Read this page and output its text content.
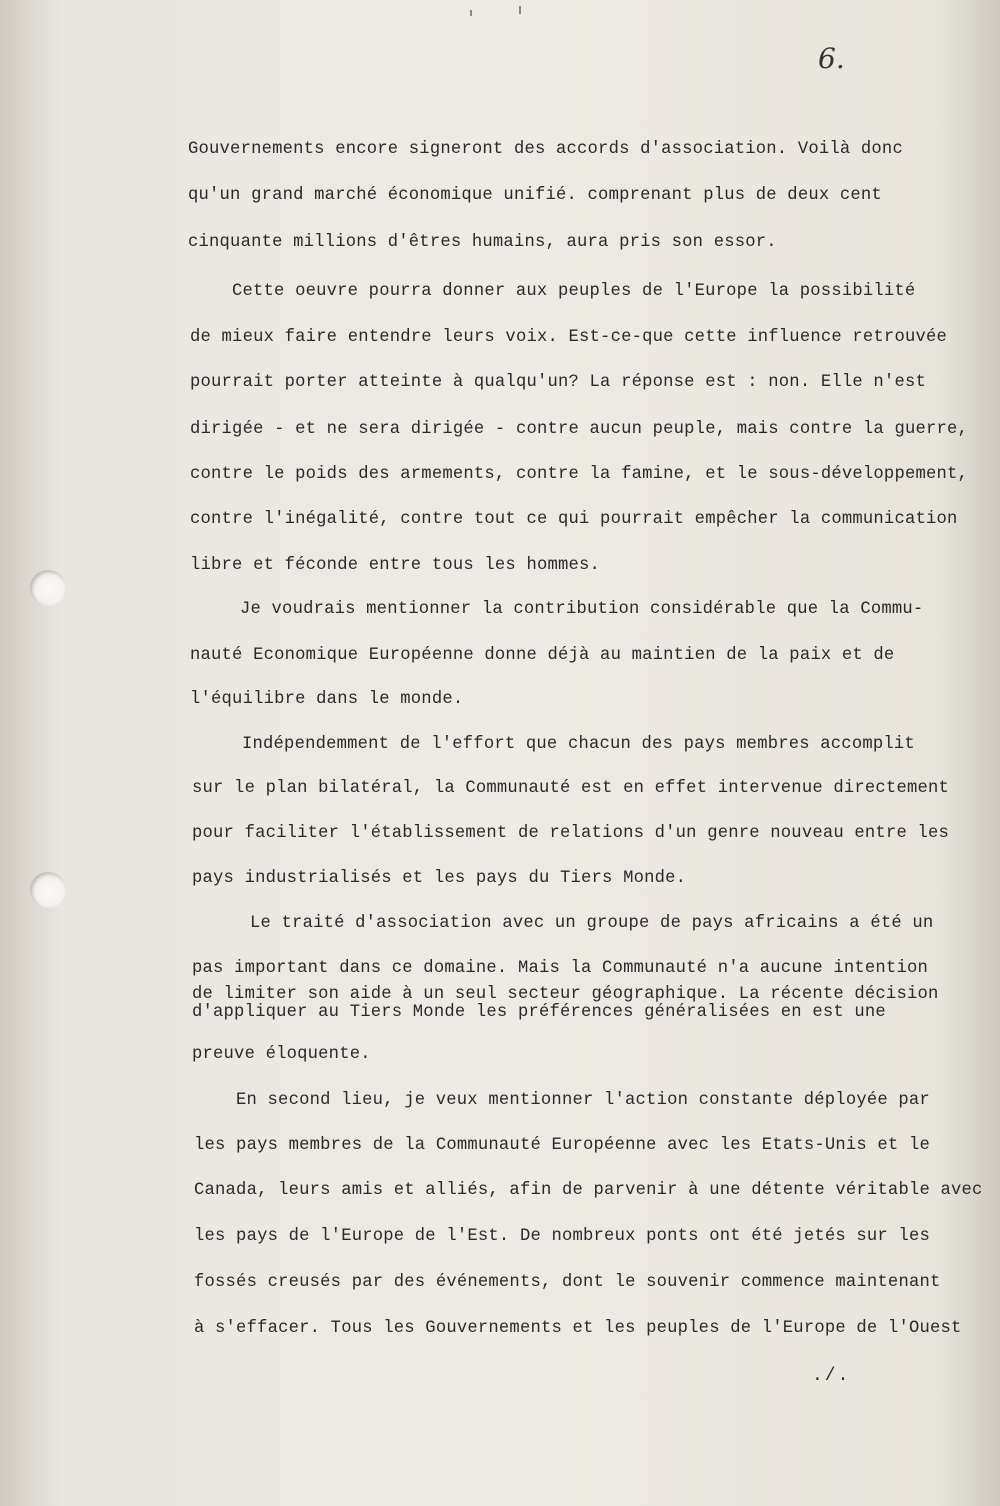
6.
Gouvernements encore signeront des accords d'association. Voilà donc
qu'un grand marché économique unifié. comprenant plus de deux cent
cinquante millions d'êtres humains, aura pris son essor.
Cette oeuvre pourra donner aux peuples de l'Europe la possibilité
de mieux faire entendre leurs voix. Est-ce-que cette influence retrouvée
pourrait porter atteinte à qualqu'un? La réponse est : non. Elle n'est
dirigée - et ne sera dirigée - contre aucun peuple, mais contre la guerre,
contre le poids des armements, contre la famine, et le sous-développement,
contre l'inégalité, contre tout ce qui pourrait empêcher la communication
libre et féconde entre tous les hommes.
Je voudrais mentionner la contribution considérable que la Commu-
nauté Economique Européenne donne déjà au maintien de la paix et de
l'équilibre dans le monde.
Indépendemment de l'effort que chacun des pays membres accomplit
sur le plan bilatéral, la Communauté est en effet intervenue directement
pour faciliter l'établissement de relations d'un genre nouveau entre les
pays industrialisés et les pays du Tiers Monde.
Le traité d'association avec un groupe de pays africains a été un
pas important dans ce domaine. Mais la Communauté n'a aucune intention
de limiter son aide à un seul secteur géographique. La récente décision
d'appliquer au Tiers Monde les préférences généralisées en est une
preuve éloquente.
En second lieu, je veux mentionner l'action constante déployée par
les pays membres de la Communauté Européenne avec les Etats-Unis et le
Canada, leurs amis et alliés, afin de parvenir à une détente véritable avec
les pays de l'Europe de l'Est. De nombreux ponts ont été jetés sur les
fossés creusés par des événements, dont le souvenir commence maintenant
à s'effacer. Tous les Gouvernements et les peuples de l'Europe de l'Ouest
./.
